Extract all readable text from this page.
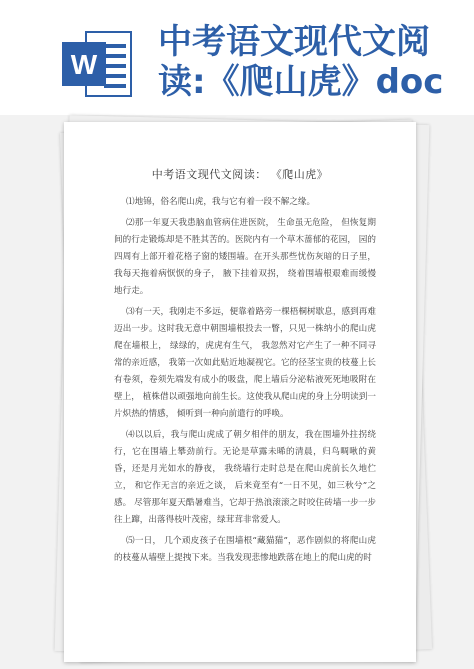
W
中考语文现代文阅
读:《爬山虎》doc
中考语文现代文阅读： 《爬山虎》

⑴地锦，俗名爬山虎，我与它有着一段不解之缘。

⑵那一年夏天我患脑血管病住进医院， 生命虽无危险， 但恢复期间的行走锻炼却是不胜其苦的。医院内有一个草木蔷郁的花园， 园的四周有上部开着花格子窗的矮围墙。在开头那些忧伤灰暗的日子里，我每天拖着病恹恹的身子， 腋下挂着双拐， 绕着围墙根艰难而缓慢地行走。

⑶有一天，我刚走不多远，便靠着路旁一棵梧桐树歇息，感到再难迈出一步。这时我无意中朝围墙根投去一瞥，只见一株纳小的爬山虎爬在墙根上， 绿绿的，虎虎有生气， 我忽然对它产生了一种不同寻常的亲近感， 我第一次如此贴近地凝视它。它的径茎宝贵的枝蔓上长有卷须，卷须先端发有成小的吸盘，爬上墙后分泌粘液死死地吸附在壁上， 植株借以顽强地向前生长。这使我从爬山虎的身上分明读到一片炽热的情感， 倾听到一种向前遣行的呼唤。

⑷以以后，我与爬山虎成了朝夕相伴的朋友，我在围墙外拄拐绕行，它在围墙上攀劲前行。无论是草露未晞的清晨，归鸟啁啾的黄昏，还是月光如水的静夜， 我绕墙行走时总是在爬山虎前长久地伫立， 和它作无言的亲近之谈， 后来竟至有“一日不见，如三秋兮”之感。 尽管那年夏天酷暑难当，它却于热浪滚滚之时咬住砖墙一步一步往上蹿，出落得枝叶茂密，绿茸茸非常爱人。

⑸一日， 几个顽皮孩子在围墙根“藏猫猫”，恶作剧似的将爬山虎的枝蔓从墙壁上提拽下来。当我发现悲惨地跌落在地上的爬山虎的时
